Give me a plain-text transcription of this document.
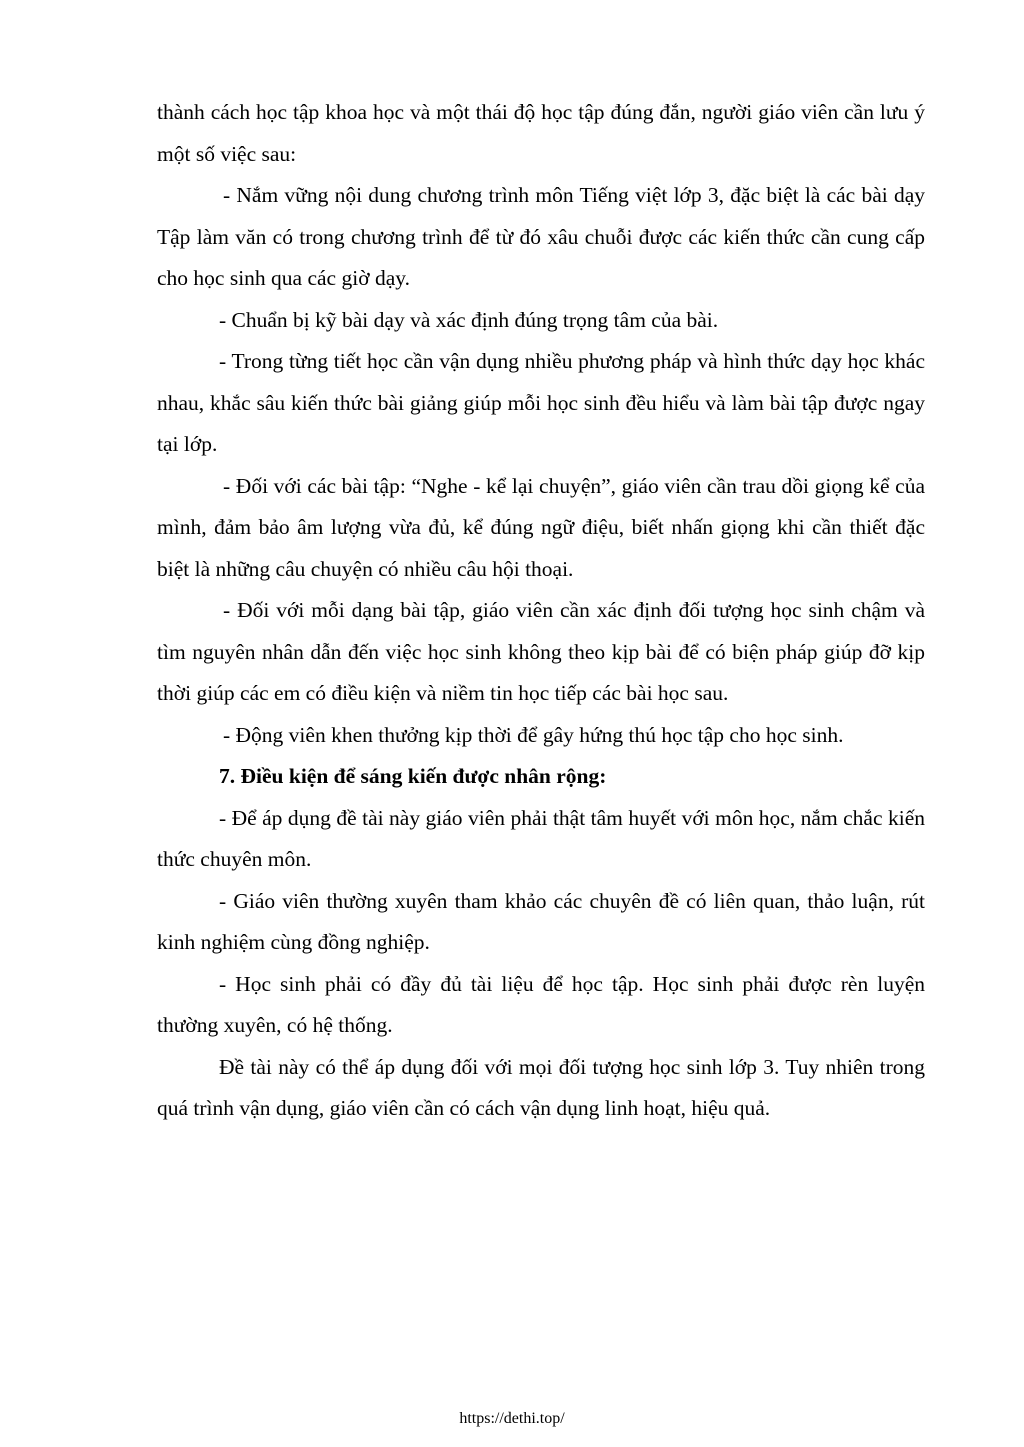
thành cách học tập khoa học và một thái độ học tập đúng đắn, người giáo viên cần lưu ý một số việc sau:

- Nắm vững nội dung chương trình môn Tiếng việt lớp 3, đặc biệt là các bài dạy Tập làm văn có trong chương trình để từ đó xâu chuỗi được các kiến thức cần cung cấp cho học sinh qua các giờ dạy.

- Chuẩn bị kỹ bài dạy và xác định đúng trọng tâm của bài.

- Trong từng tiết học cần vận dụng nhiều phương pháp và hình thức dạy học khác nhau, khắc sâu kiến thức bài giảng giúp mỗi học sinh đều hiểu và làm bài tập được ngay tại lớp.

- Đối với các bài tập: “Nghe - kể lại chuyện”, giáo viên cần trau dồi giọng kể của mình, đảm bảo âm lượng vừa đủ, kể đúng ngữ điệu, biết nhấn giọng khi cần thiết đặc biệt là những câu chuyện có nhiều câu hội thoại.

- Đối với mỗi dạng bài tập, giáo viên cần xác định đối tượng học sinh chậm và tìm nguyên nhân dẫn đến việc học sinh không theo kịp bài để có biện pháp giúp đỡ kịp thời giúp các em có điều kiện và niềm tin học tiếp các bài học sau.

- Động viên khen thưởng kịp thời để gây hứng thú học tập cho học sinh.

7. Điều kiện để sáng kiến được nhân rộng:

- Để áp dụng đề tài này giáo viên phải thật tâm huyết với môn học, nắm chắc kiến thức chuyên môn.

- Giáo viên thường xuyên tham khảo các chuyên đề có liên quan, thảo luận, rút kinh nghiệm cùng đồng nghiệp.

- Học sinh phải có đầy đủ tài liệu để học tập. Học sinh phải được rèn luyện thường xuyên, có hệ thống.

Đề tài này có thể áp dụng đối với mọi đối tượng học sinh lớp 3. Tuy nhiên trong quá trình vận dụng, giáo viên cần có cách vận dụng linh hoạt, hiệu quả.

https://dethi.top/
